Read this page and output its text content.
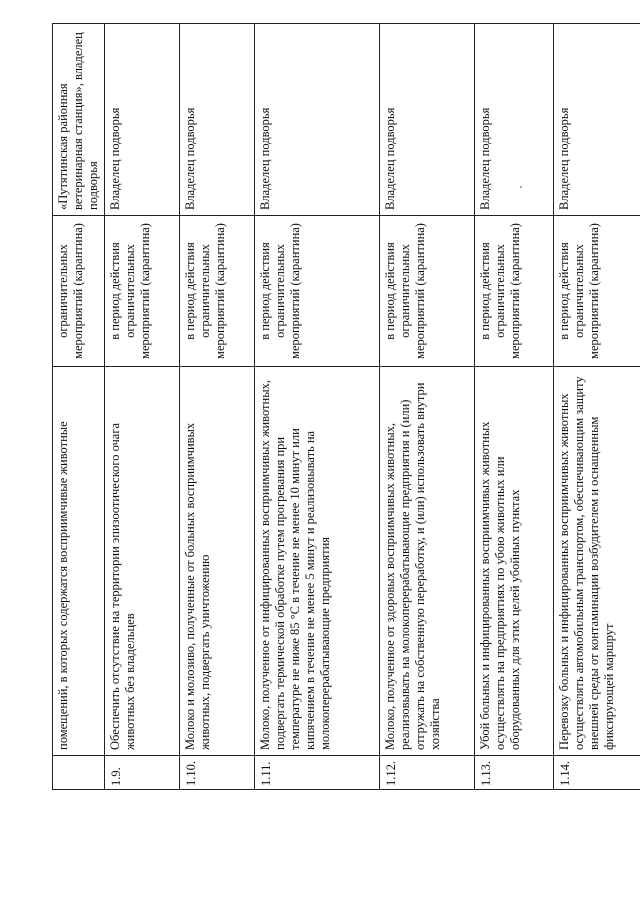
	помещений, в которых содержатся восприимчивые животные	ограничительных мероприятий (карантина)	«Путятинская районная ветеринарная станция», владелец подворья
1.9.	Обеспечить отсутствие на территории эпизоотического очага животных без владельцев	в период действия ограничительных мероприятий (карантина)	Владелец подворья
1.10.	Молоко и молозиво, полученные от больных восприимчивых животных, подвергать уничтожению	в период действия ограничительных мероприятий (карантина)	Владелец подворья
1.11.	Молоко, полученное от инфицированных восприимчивых животных, подвергать термической обработке путем прогревания при температуре не ниже 85 °С в течение не менее 10 минут или кипячением в течение не менее 5 минут и реализовывать на молокоперерабатывающие предприятия	в период действия ограничительных мероприятий (карантина)	Владелец подворья
1.12.	Молоко, полученное от здоровых восприимчивых животных, реализовывать на молокоперерабатывающие предприятия и (или) отгружать на собственную переработку, и (или) использовать внутри хозяйства	в период действия ограничительных мероприятий (карантина)	Владелец подворья
1.13.	Убой больных и инфицированных восприимчивых животных осуществлять на предприятиях по убою животных или оборудованных для этих целей убойных пунктах	в период действия ограничительных мероприятий (карантина)	Владелец подворья
1.14.	Перевозку больных и инфицированных восприимчивых животных осуществлять автомобильным транспортом, обеспечивающим защиту внешней среды от контаминации возбудителем и оснащенным фиксирующей маршрут	в период действия ограничительных мероприятий (карантина)	Владелец подворья
